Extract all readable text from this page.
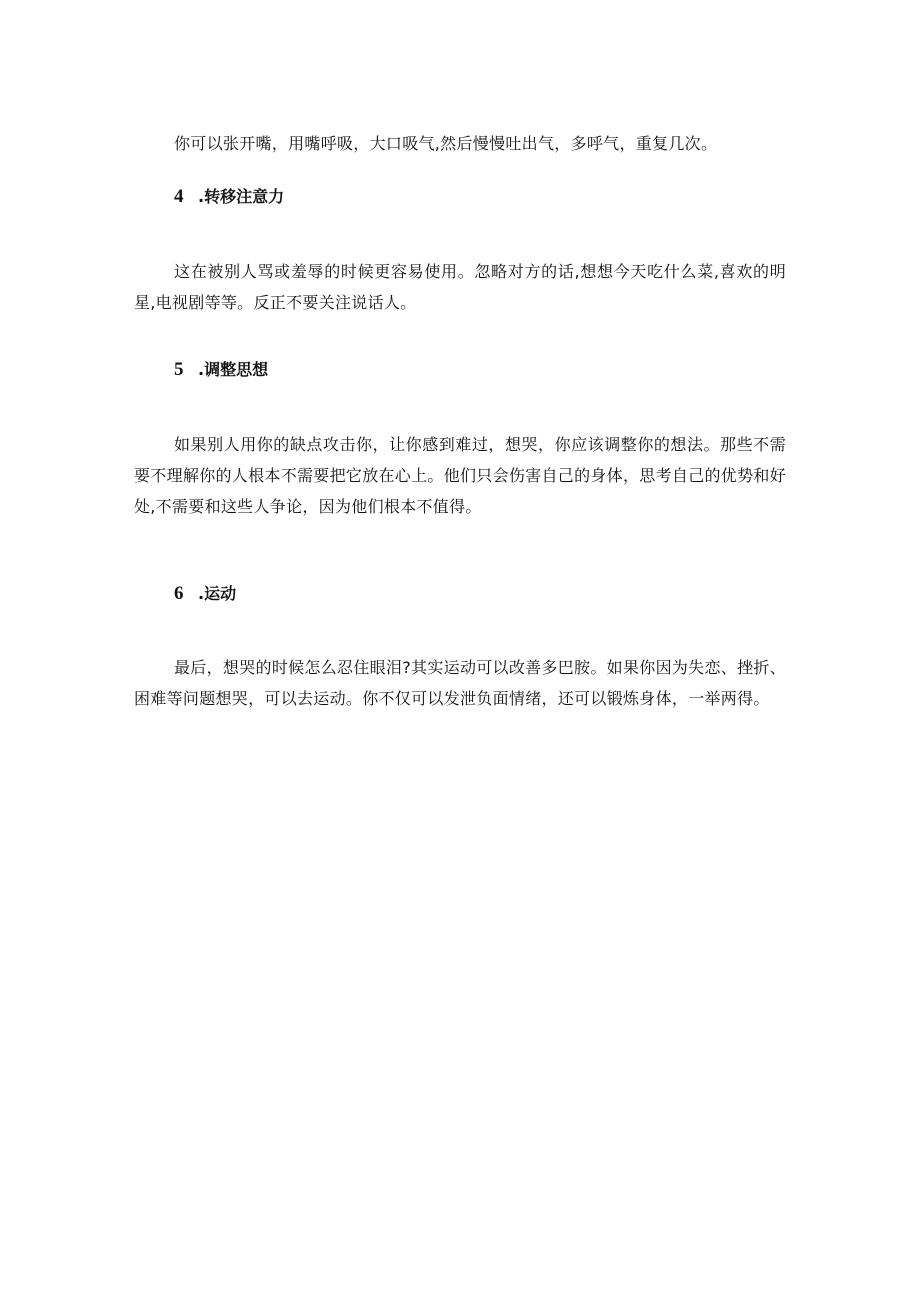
你可以张开嘴，用嘴呼吸，大口吸气,然后慢慢吐出气，多呼气，重复几次。

4 .转移注意力

这在被别人骂或羞辱的时候更容易使用。忽略对方的话,想想今天吃什么菜,喜欢的明星,电视剧等等。反正不要关注说话人。

5 .调整思想

如果别人用你的缺点攻击你，让你感到难过，想哭，你应该调整你的想法。那些不需要不理解你的人根本不需要把它放在心上。他们只会伤害自己的身体，思考自己的优势和好处,不需要和这些人争论，因为他们根本不值得。

6 .运动

最后，想哭的时候怎么忍住眼泪?其实运动可以改善多巴胺。如果你因为失恋、挫折、困难等问题想哭，可以去运动。你不仅可以发泄负面情绪，还可以锻炼身体，一举两得。
